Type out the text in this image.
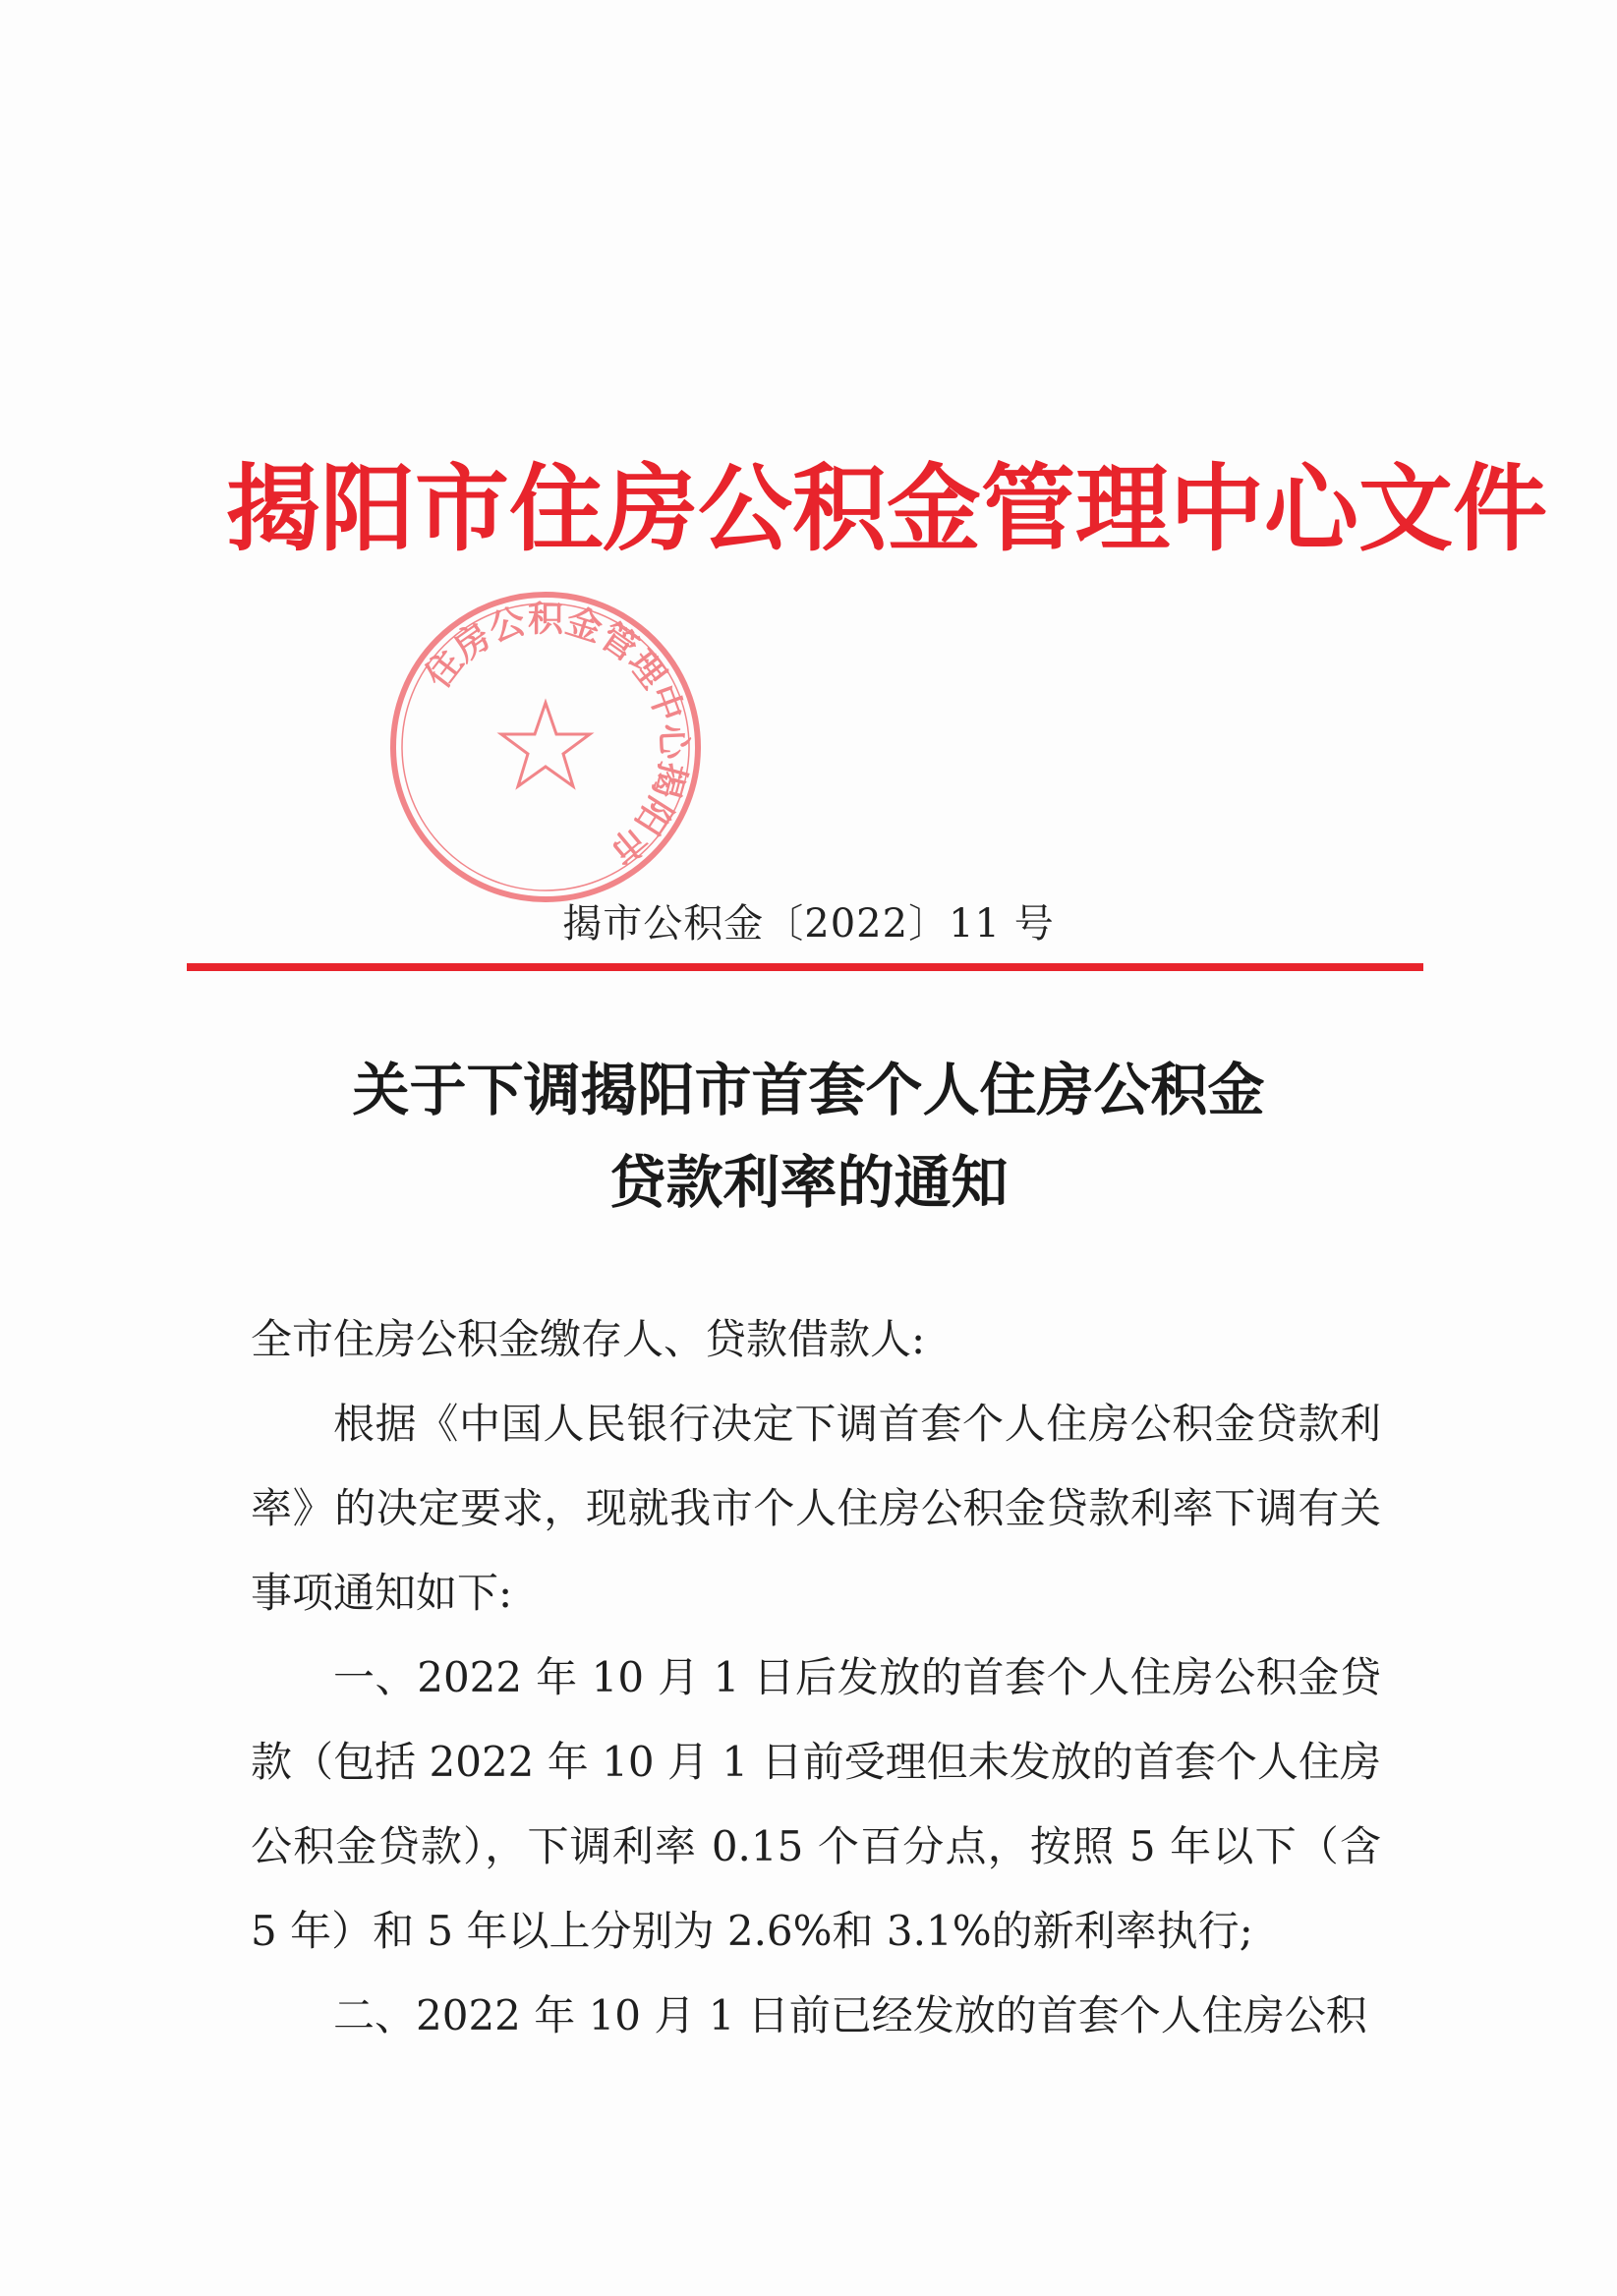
揭阳市住房公积金管理中心文件
住房公积金管理中心揭阳市
揭市公积金〔2022〕11 号
关于下调揭阳市首套个人住房公积金
贷款利率的通知

全市住房公积金缴存人、贷款借款人:

根据《中国人民银行决定下调首套个人住房公积金贷款利率》的决定要求，现就我市个人住房公积金贷款利率下调有关事项通知如下:

一、2022 年 10 月 1 日后发放的首套个人住房公积金贷款（包括 2022 年 10 月 1 日前受理但未发放的首套个人住房公积金贷款），下调利率 0.15 个百分点，按照 5 年以下（含 5 年）和 5 年以上分别为 2.6%和 3.1%的新利率执行;

二、2022 年 10 月 1 日前已经发放的首套个人住房公积
